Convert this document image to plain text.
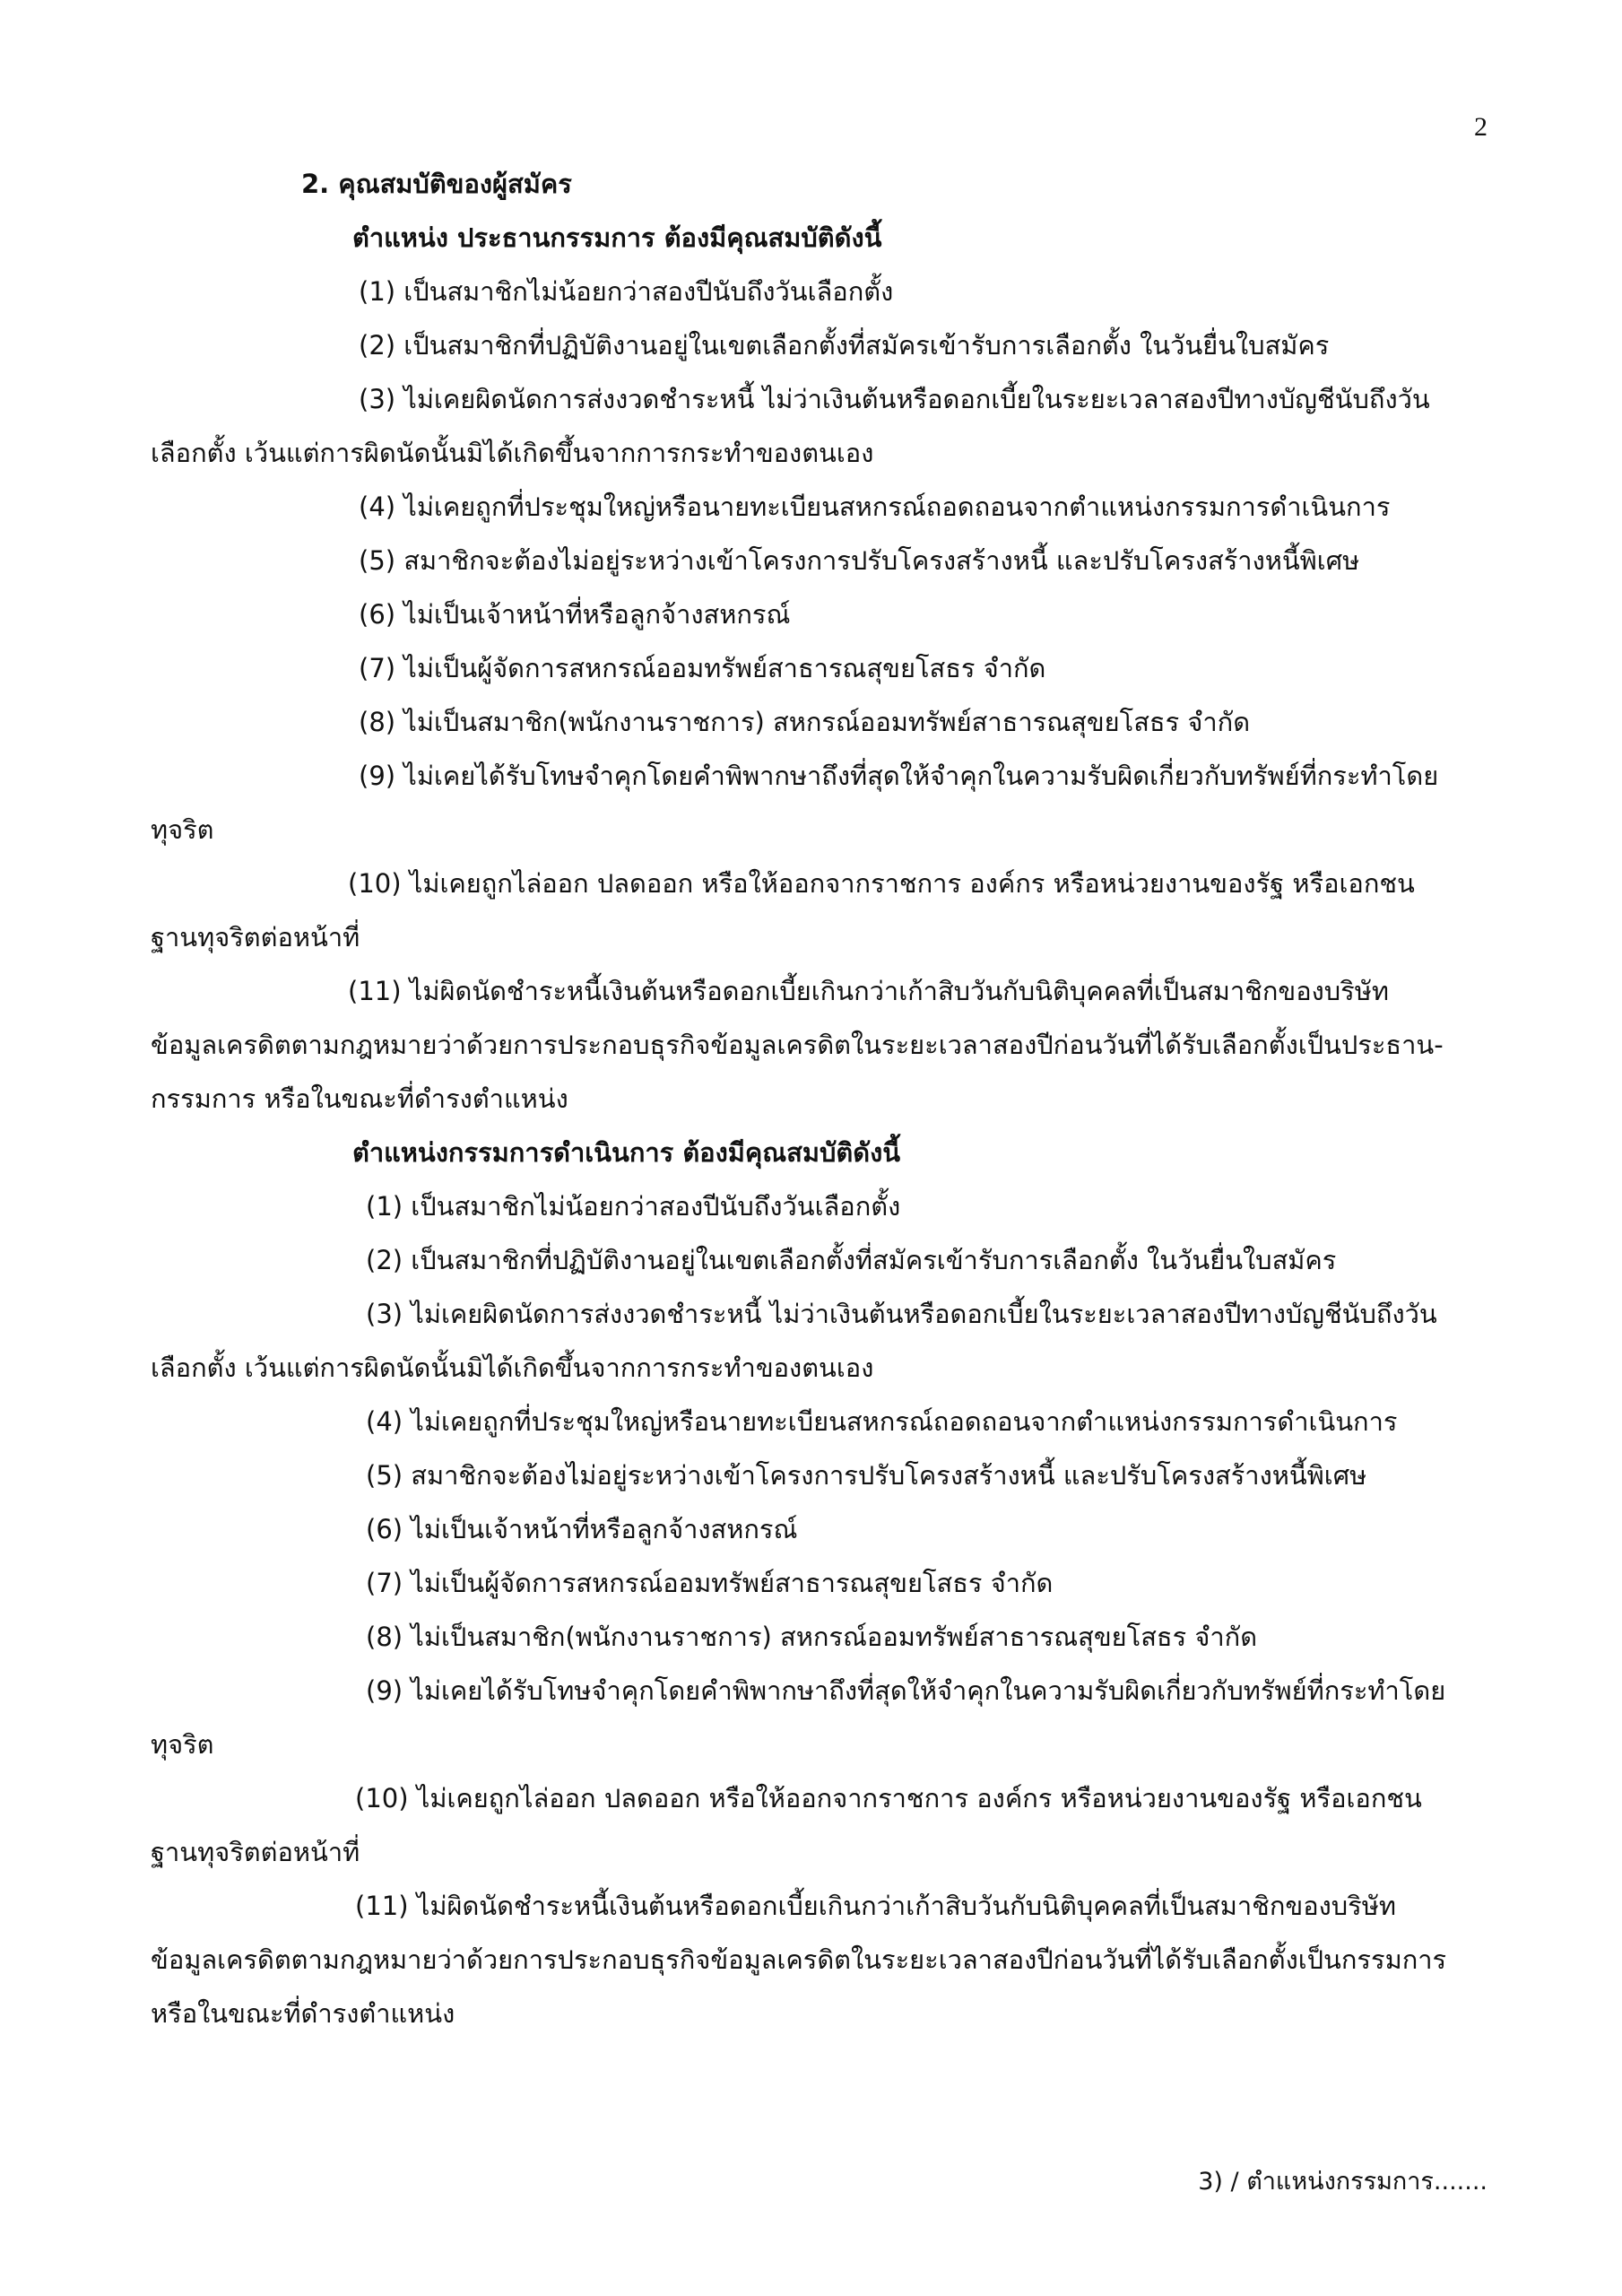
2

2. คุณสมบัติของผู้สมัคร

ตำแหน่ง ประธานกรรมการ ต้องมีคุณสมบัติดังนี้

(1) เป็นสมาชิกไม่น้อยกว่าสองปีนับถึงวันเลือกตั้ง

(2) เป็นสมาชิกที่ปฏิบัติงานอยู่ในเขตเลือกตั้งที่สมัครเข้ารับการเลือกตั้ง ในวันยื่นใบสมัคร

(3) ไม่เคยผิดนัดการส่งงวดชำระหนี้ ไม่ว่าเงินต้นหรือดอกเบี้ยในระยะเวลาสองปีทางบัญชีนับถึงวัน

เลือกตั้ง เว้นแต่การผิดนัดนั้นมิได้เกิดขึ้นจากการกระทำของตนเอง

(4) ไม่เคยถูกที่ประชุมใหญ่หรือนายทะเบียนสหกรณ์ถอดถอนจากตำแหน่งกรรมการดำเนินการ

(5) สมาชิกจะต้องไม่อยู่ระหว่างเข้าโครงการปรับโครงสร้างหนี้ และปรับโครงสร้างหนี้พิเศษ

(6) ไม่เป็นเจ้าหน้าที่หรือลูกจ้างสหกรณ์

(7) ไม่เป็นผู้จัดการสหกรณ์ออมทรัพย์สาธารณสุขยโสธร จำกัด

(8) ไม่เป็นสมาชิก(พนักงานราชการ) สหกรณ์ออมทรัพย์สาธารณสุขยโสธร จำกัด

(9) ไม่เคยได้รับโทษจำคุกโดยคำพิพากษาถึงที่สุดให้จำคุกในความรับผิดเกี่ยวกับทรัพย์ที่กระทำโดย

ทุจริต

(10) ไม่เคยถูกไล่ออก ปลดออก หรือให้ออกจากราชการ องค์กร หรือหน่วยงานของรัฐ หรือเอกชน

ฐานทุจริตต่อหน้าที่

(11) ไม่ผิดนัดชำระหนี้เงินต้นหรือดอกเบี้ยเกินกว่าเก้าสิบวันกับนิติบุคคลที่เป็นสมาชิกของบริษัท

ข้อมูลเครดิตตามกฎหมายว่าด้วยการประกอบธุรกิจข้อมูลเครดิตในระยะเวลาสองปีก่อนวันที่ได้รับเลือกตั้งเป็นประธาน-

กรรมการ หรือในขณะที่ดำรงตำแหน่ง

ตำแหน่งกรรมการดำเนินการ ต้องมีคุณสมบัติดังนี้

(1) เป็นสมาชิกไม่น้อยกว่าสองปีนับถึงวันเลือกตั้ง

(2) เป็นสมาชิกที่ปฏิบัติงานอยู่ในเขตเลือกตั้งที่สมัครเข้ารับการเลือกตั้ง ในวันยื่นใบสมัคร

(3) ไม่เคยผิดนัดการส่งงวดชำระหนี้ ไม่ว่าเงินต้นหรือดอกเบี้ยในระยะเวลาสองปีทางบัญชีนับถึงวัน

เลือกตั้ง เว้นแต่การผิดนัดนั้นมิได้เกิดขึ้นจากการกระทำของตนเอง

(4) ไม่เคยถูกที่ประชุมใหญ่หรือนายทะเบียนสหกรณ์ถอดถอนจากตำแหน่งกรรมการดำเนินการ

(5) สมาชิกจะต้องไม่อยู่ระหว่างเข้าโครงการปรับโครงสร้างหนี้ และปรับโครงสร้างหนี้พิเศษ

(6) ไม่เป็นเจ้าหน้าที่หรือลูกจ้างสหกรณ์

(7) ไม่เป็นผู้จัดการสหกรณ์ออมทรัพย์สาธารณสุขยโสธร จำกัด

(8) ไม่เป็นสมาชิก(พนักงานราชการ) สหกรณ์ออมทรัพย์สาธารณสุขยโสธร จำกัด

(9) ไม่เคยได้รับโทษจำคุกโดยคำพิพากษาถึงที่สุดให้จำคุกในความรับผิดเกี่ยวกับทรัพย์ที่กระทำโดย

ทุจริต

(10) ไม่เคยถูกไล่ออก ปลดออก หรือให้ออกจากราชการ องค์กร หรือหน่วยงานของรัฐ หรือเอกชน

ฐานทุจริตต่อหน้าที่

(11) ไม่ผิดนัดชำระหนี้เงินต้นหรือดอกเบี้ยเกินกว่าเก้าสิบวันกับนิติบุคคลที่เป็นสมาชิกของบริษัท

ข้อมูลเครดิตตามกฎหมายว่าด้วยการประกอบธุรกิจข้อมูลเครดิตในระยะเวลาสองปีก่อนวันที่ได้รับเลือกตั้งเป็นกรรมการ

หรือในขณะที่ดำรงตำแหน่ง

3) / ตำแหน่งกรรมการ.......
